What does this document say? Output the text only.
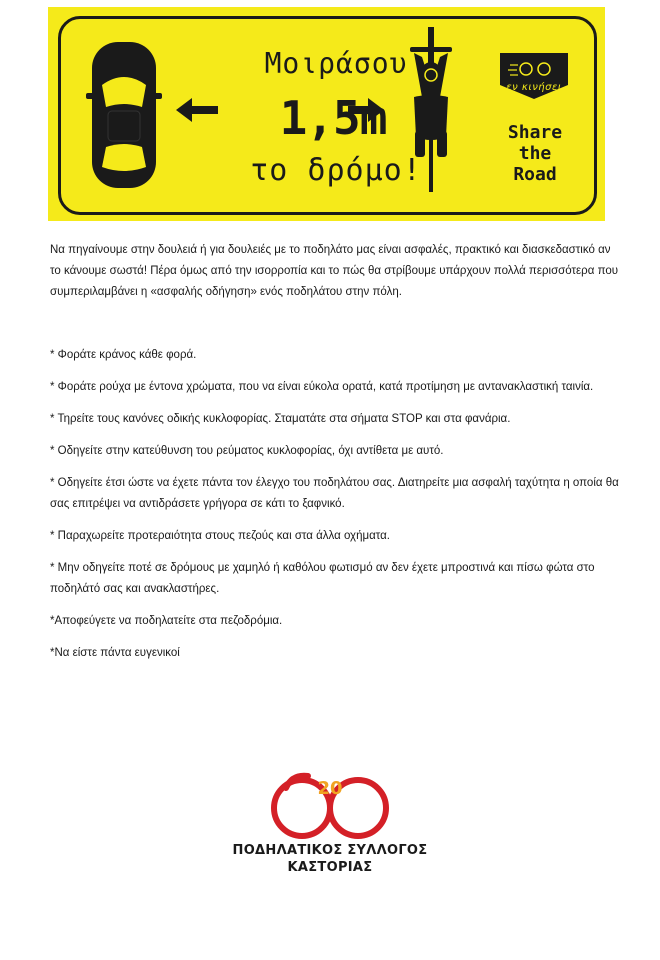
Μοιράσου
1,5m
το δρόμο!
εν κινήσει
Share
the
Road

Να πηγαίνουμε στην δουλειά ή για δουλειές με το ποδηλάτο μας είναι ασφαλές, πρακτικό και διασκεδαστικό αν το κάνουμε σωστά! Πέρα όμως από την ισορροπία και το πώς θα στρίβουμε υπάρχουν πολλά περισσότερα που συμπεριλαμβάνει η «ασφαλής οδήγηση» ενός ποδηλάτου στην πόλη.

* Φοράτε κράνος κάθε φορά.

* Φοράτε ρούχα με έντονα χρώματα, που να είναι εύκολα ορατά, κατά προτίμηση με αντανακλαστική ταινία.

* Τηρείτε τους κανόνες οδικής κυκλοφορίας. Σταματάτε στα σήματα STOP και στα φανάρια.

* Οδηγείτε στην κατεύθυνση του ρεύματος κυκλοφορίας, όχι αντίθετα με αυτό.

* Οδηγείτε έτσι ώστε να έχετε πάντα τον έλεγχο του ποδηλάτου σας. Διατηρείτε μια ασφαλή ταχύτητα η οποία θα σας επιτρέψει να αντιδράσετε γρήγορα σε κάτι το ξαφνικό.

* Παραχωρείτε προτεραιότητα στους πεζούς και στα άλλα οχήματα.

* Μην οδηγείτε ποτέ σε δρόμους με χαμηλό ή καθόλου φωτισμό αν δεν έχετε μπροστινά και πίσω φώτα στο ποδηλάτό σας και ανακλαστήρες.

*Αποφεύγετε να ποδηλατείτε στα πεζοδρόμια.

*Να είστε πάντα ευγενικοί

20
ΠΟΔΗΛΑΤΙΚΟΣ ΣΥΛΛΟΓΟΣ
ΚΑΣΤΟΡΙΑΣ
